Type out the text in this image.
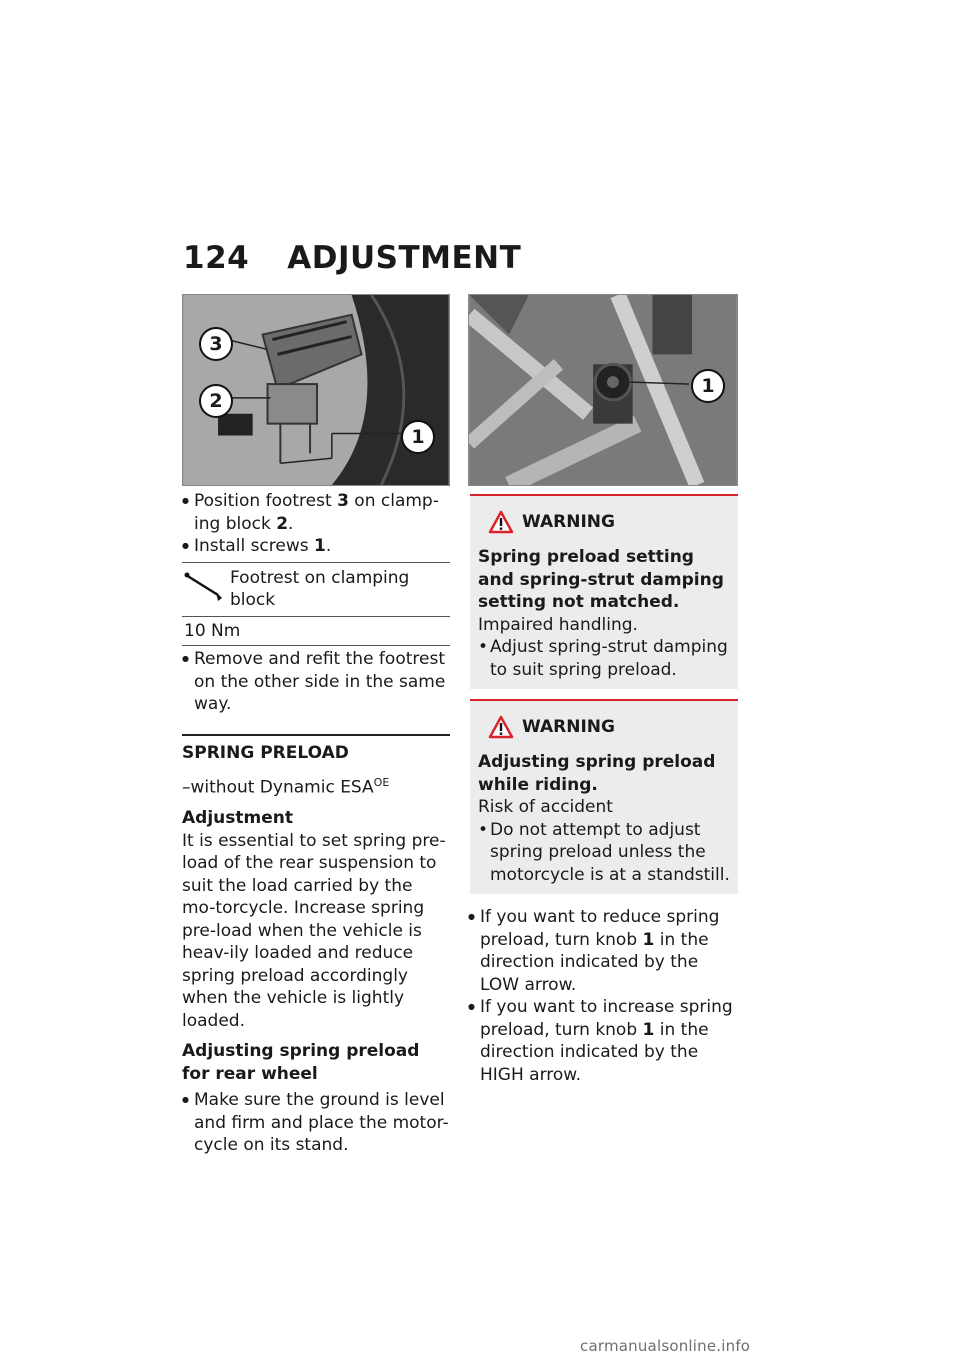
124 ADJUSTMENT
3
2
1
● Position footrest 3 on clamp-ing block 2.
● Install screws 1.
Footrest on clamping block
10 Nm
● Remove and refit the footrest on the other side in the same way.
SPRING PRELOAD
–without Dynamic $ESA^{OE}$
Adjustment
It is essential to set spring pre-load of the rear suspension to suit the load carried by the mo-torcycle. Increase spring pre-load when the vehicle is heav-ily loaded and reduce spring preload accordingly when the vehicle is lightly loaded.
Adjusting spring preload for rear wheel
● Make sure the ground is level and firm and place the motor-cycle on its stand.
1
WARNING
Spring preload setting and spring-strut damping setting not matched.
Impaired handling.
• Adjust spring-strut damping to suit spring preload.
WARNING
Adjusting spring preload while riding.
Risk of accident
• Do not attempt to adjust spring preload unless the motorcycle is at a standstill.
● If you want to reduce spring preload, turn knob 1 in the direction indicated by the LOW arrow.
● If you want to increase spring preload, turn knob 1 in the direction indicated by the HIGH arrow.
carmanualsonline.info
